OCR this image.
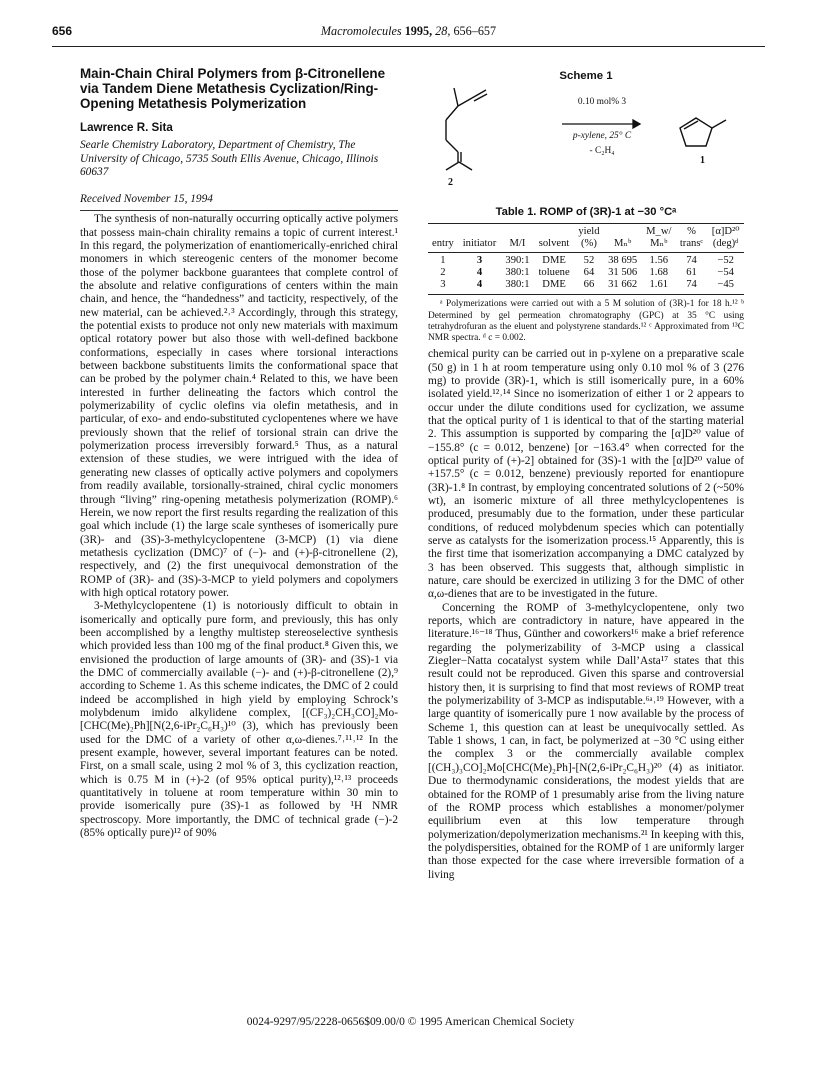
656	Macromolecules 1995, 28, 656–657
Main-Chain Chiral Polymers from β-Citronellene via Tandem Diene Metathesis Cyclization/Ring-Opening Metathesis Polymerization
Lawrence R. Sita
Searle Chemistry Laboratory, Department of Chemistry, The University of Chicago, 5735 South Ellis Avenue, Chicago, Illinois 60637
Received November 15, 1994

The synthesis of non-naturally occurring optically active polymers that possess main-chain chirality remains a topic of current interest.¹ In this regard, the polymerization of enantiomerically-enriched chiral monomers in which stereogenic centers of the monomer become those of the polymer backbone guarantees that complete control of the absolute and relative configurations of centers within the main chain, and hence, the “handedness” and tacticity, respectively, of the new material, can be achieved.²˒³ Accordingly, through this strategy, the potential exists to produce not only new materials with maximum optical rotatory power but also those with well-defined backbone conformations, especially in cases where torsional interactions between backbone substituents limits the conformational space that can be probed by the polymer chain.⁴ Related to this, we have been interested in further delineating the factors which control the polymerizability of cyclic olefins via olefin metathesis, and in particular, of exo- and endo-substituted cyclopentenes where we have previously shown that the relief of torsional strain can drive the polymerization process irreversibly forward.⁵ Thus, as a natural extension of these studies, we were intrigued with the idea of generating new classes of optically active polymers and copolymers from readily available, torsionally-strained, chiral cyclic monomers through “living” ring-opening metathesis polymerization (ROMP).⁶ Herein, we now report the first results regarding the realization of this goal which include (1) the large scale syntheses of isomerically pure (3R)- and (3S)-3-methylcyclopentene (3-MCP) (1) via diene metathesis cyclization (DMC)⁷ of (−)- and (+)-β-citronellene (2), respectively, and (2) the first unequivocal demonstration of the ROMP of (3R)- and (3S)-3-MCP to yield polymers and copolymers with high optical rotatory power.

3-Methylcyclopentene (1) is notoriously difficult to obtain in isomerically and optically pure form, and previously, this has only been accomplished by a lengthy multistep stereoselective synthesis which provided less than 100 mg of the final product.⁸ Given this, we envisioned the production of large amounts of (3R)- and (3S)-1 via the DMC of commercially available (−)- and (+)-β-citronellene (2),⁹ according to Scheme 1. As this scheme indicates, the DMC of 2 could indeed be accomplished in high yield by employing Schrock’s molybdenum imido alkylidene complex, [(CF₃)₂CH₃CO]₂Mo-[CHC(Me)₂Ph][N(2,6-iPr₂C₆H₃)¹⁰ (3), which has previously been used for the DMC of a variety of other α,ω-dienes.⁷˒¹¹˒¹² In the present example, however, several important features can be noted. First, on a small scale, using 2 mol % of 3, this cyclization reaction, which is 0.75 M in (+)-2 (of 95% optical purity),¹²˒¹³ proceeds quantitatively in toluene at room temperature within 30 min to provide isomerically pure (3S)-1 as followed by ¹H NMR spectroscopy. More importantly, the DMC of technical grade (−)-2 (85% optically pure)¹² of 90%

Scheme 1
0.10 mol% 3
p-xylene, 25° C
- C₂H₄
2
1
Table 1. ROMP of (3R)-1 at −30 °Cᵃ
				yield		M_w/	%	[α]D²⁰
entry	initiator	M/I	solvent	(%)	Mₙᵇ	Mₙᵇ	transᶜ	(deg)ᵈ
1	3	390:1	DME	52	38 695	1.56	74	−52
2	4	380:1	toluene	64	31 506	1.68	61	−54
3	4	380:1	DME	66	31 662	1.61	74	−45
ᵃ Polymerizations were carried out with a 5 M solution of (3R)-1 for 18 h.¹² ᵇ Determined by gel permeation chromatography (GPC) at 35 °C using tetrahydrofuran as the eluent and polystyrene standards.¹² ᶜ Approximated from ¹³C NMR spectra. ᵈ c = 0.002.

chemical purity can be carried out in p-xylene on a preparative scale (50 g) in 1 h at room temperature using only 0.10 mol % of 3 (276 mg) to provide (3R)-1, which is still isomerically pure, in a 60% isolated yield.¹²˒¹⁴ Since no isomerization of either 1 or 2 appears to occur under the dilute conditions used for cyclization, we assume that the optical purity of 1 is identical to that of the starting material 2. This assumption is supported by comparing the [α]D²⁰ value of −155.8° (c = 0.012, benzene) [or −163.4° when corrected for the optical purity of (+)-2] obtained for (3S)-1 with the [α]D²⁰ value of +157.5° (c = 0.012, benzene) previously reported for enantiopure (3R)-1.⁸ In contrast, by employing concentrated solutions of 2 (~50% wt), an isomeric mixture of all three methylcyclopentenes is produced, presumably due to the formation, under these particular conditions, of reduced molybdenum species which can potentially serve as catalysts for the isomerization process.¹⁵ Apparently, this is the first time that isomerization accompanying a DMC catalyzed by 3 has been observed. This suggests that, although simplistic in nature, care should be exercized in utilizing 3 for the DMC of other α,ω-dienes that are to be investigated in the future.

Concerning the ROMP of 3-methylcyclopentene, only two reports, which are contradictory in nature, have appeared in the literature.¹⁶⁻¹⁸ Thus, Günther and coworkers¹⁶ make a brief reference regarding the polymerizability of 3-MCP using a classical Ziegler−Natta cocatalyst system while Dall’Asta¹⁷ states that this result could not be reproduced. Given this sparse and controversial history then, it is surprising to find that most reviews of ROMP treat the polymerizability of 3-MCP as indisputable.⁶ᵃ˒¹⁹ However, with a large quantity of isomerically pure 1 now available by the process of Scheme 1, this question can at least be unequivocally settled. As Table 1 shows, 1 can, in fact, be polymerized at −30 °C using either the complex 3 or the commercially available complex [(CH₃)₃CO]₂Mo[CHC(Me)₂Ph]-[N(2,6-iPr₂C₆H₃)²⁰ (4) as initiator. Due to thermodynamic considerations, the modest yields that are obtained for the ROMP of 1 presumably arise from the living nature of the ROMP process which establishes a monomer/polymer equilibrium even at this low temperature through polymerization/depolymerization mechanisms.²¹ In keeping with this, the polydispersities, obtained for the ROMP of 1 are uniformly larger than those expected for the case where irreversible formation of a living

0024-9297/95/2228-0656$09.00/0 © 1995 American Chemical Society
